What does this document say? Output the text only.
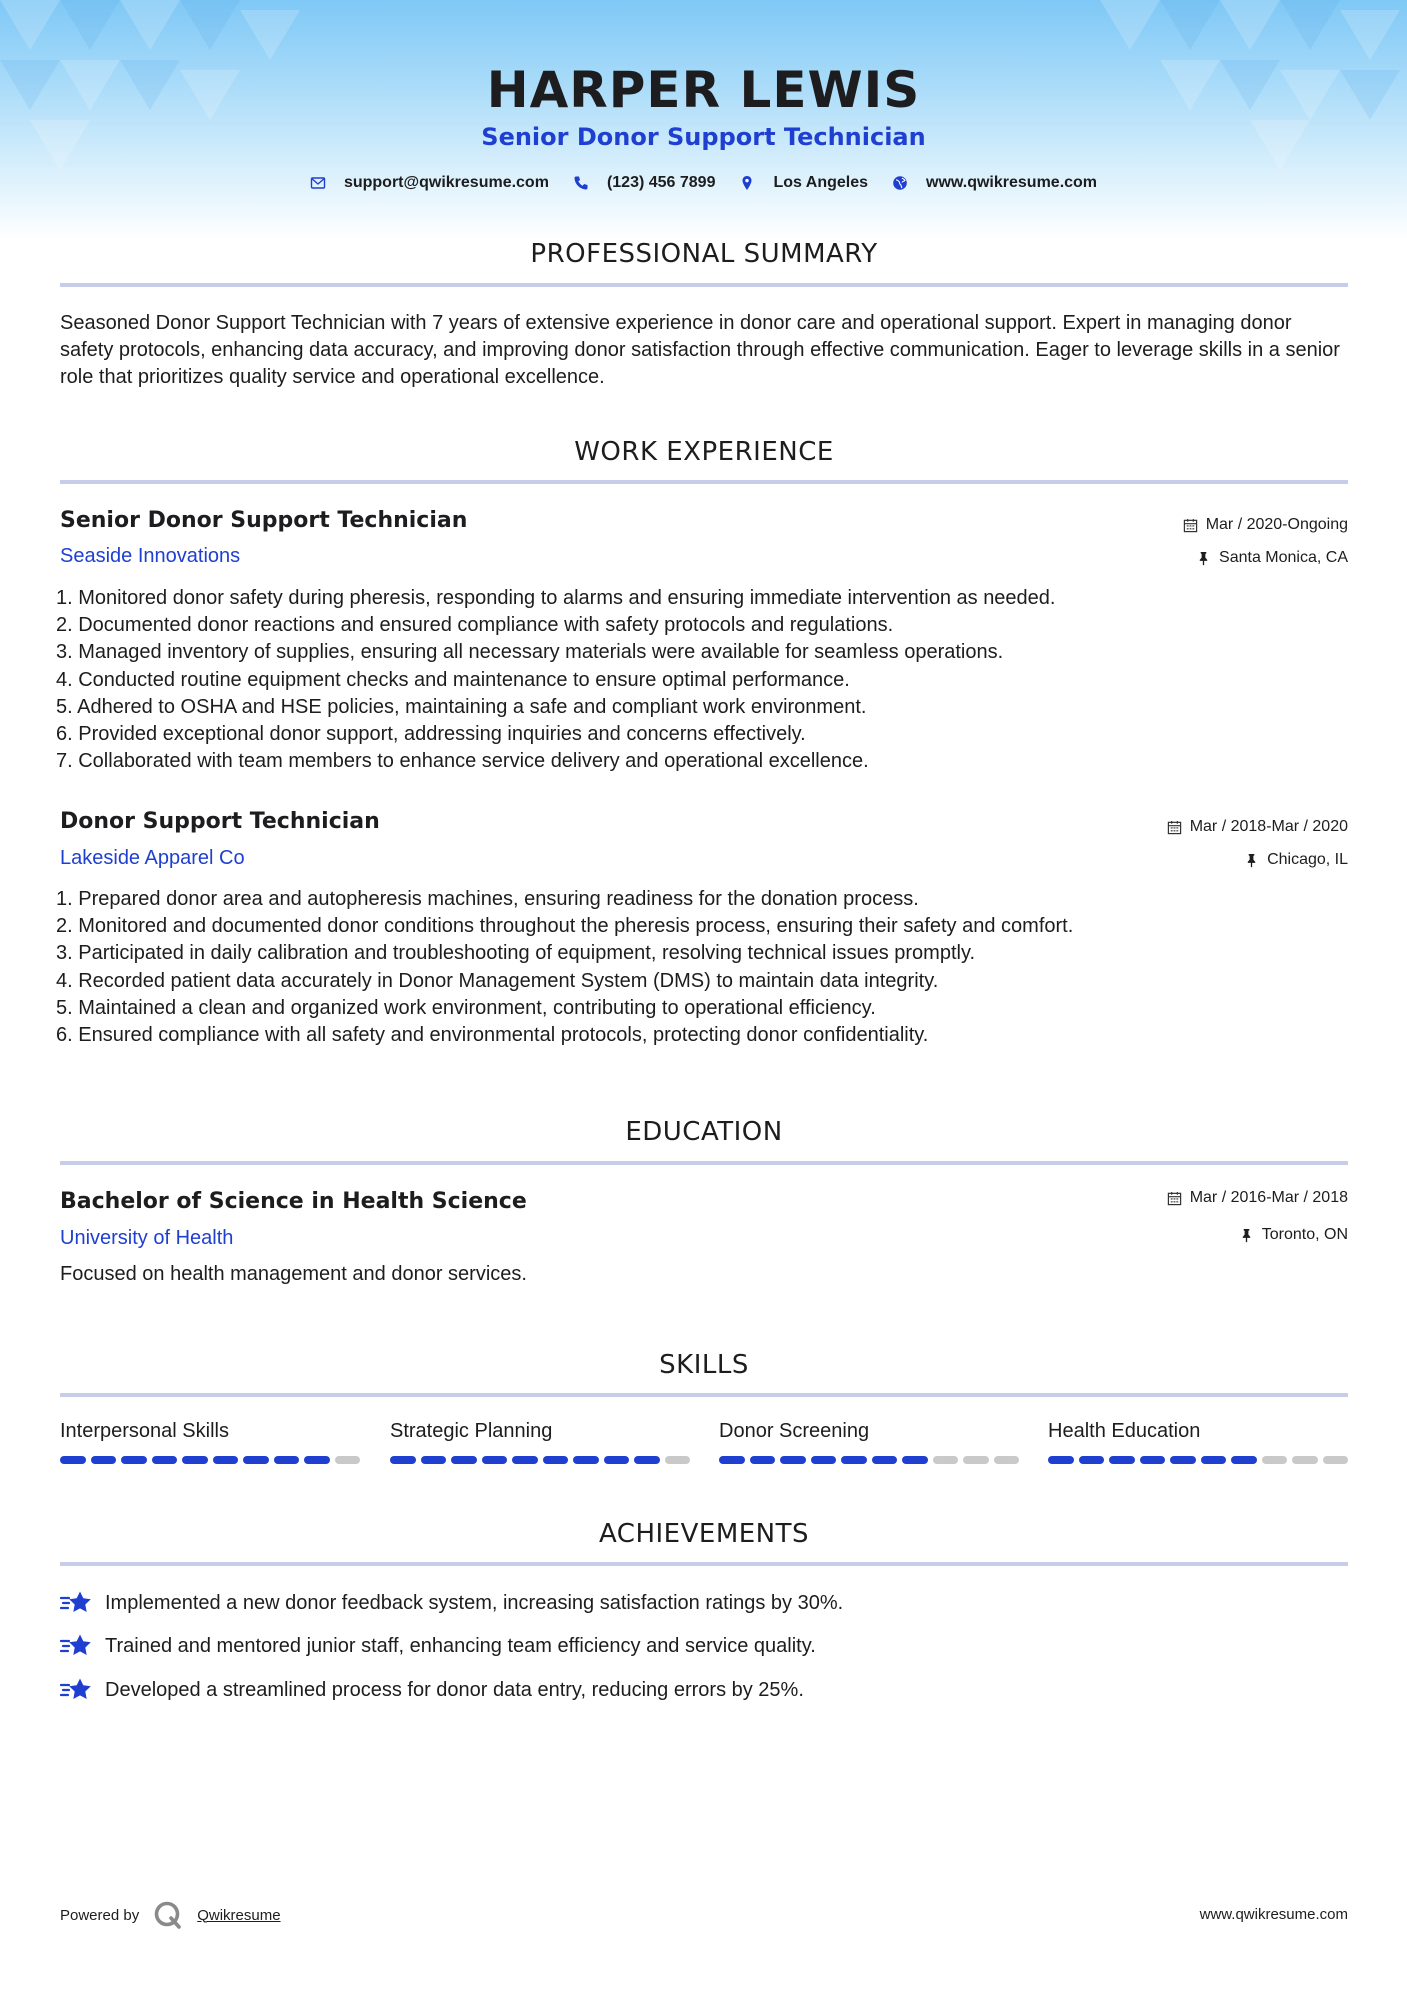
HARPER LEWIS
Senior Donor Support Technician
support@qwikresume.com	(123) 456 7899	Los Angeles	www.qwikresume.com
PROFESSIONAL SUMMARY
Seasoned Donor Support Technician with 7 years of extensive experience in donor care and operational support. Expert in managing donor safety protocols, enhancing data accuracy, and improving donor satisfaction through effective communication. Eager to leverage skills in a senior role that prioritizes quality service and operational excellence.
WORK EXPERIENCE
Senior Donor Support Technician	Mar / 2020-Ongoing
Seaside Innovations	Santa Monica, CA
1. Monitored donor safety during pheresis, responding to alarms and ensuring immediate intervention as needed.
2. Documented donor reactions and ensured compliance with safety protocols and regulations.
3. Managed inventory of supplies, ensuring all necessary materials were available for seamless operations.
4. Conducted routine equipment checks and maintenance to ensure optimal performance.
5. Adhered to OSHA and HSE policies, maintaining a safe and compliant work environment.
6. Provided exceptional donor support, addressing inquiries and concerns effectively.
7. Collaborated with team members to enhance service delivery and operational excellence.
Donor Support Technician	Mar / 2018-Mar / 2020
Lakeside Apparel Co	Chicago, IL
1. Prepared donor area and autopheresis machines, ensuring readiness for the donation process.
2. Monitored and documented donor conditions throughout the pheresis process, ensuring their safety and comfort.
3. Participated in daily calibration and troubleshooting of equipment, resolving technical issues promptly.
4. Recorded patient data accurately in Donor Management System (DMS) to maintain data integrity.
5. Maintained a clean and organized work environment, contributing to operational efficiency.
6. Ensured compliance with all safety and environmental protocols, protecting donor confidentiality.
EDUCATION
Bachelor of Science in Health Science	Mar / 2016-Mar / 2018
University of Health	Toronto, ON
Focused on health management and donor services.
SKILLS
Interpersonal Skills	Strategic Planning	Donor Screening	Health Education
ACHIEVEMENTS
Implemented a new donor feedback system, increasing satisfaction ratings by 30%.
Trained and mentored junior staff, enhancing team efficiency and service quality.
Developed a streamlined process for donor data entry, reducing errors by 25%.
Powered by	Qwikresume	www.qwikresume.com
